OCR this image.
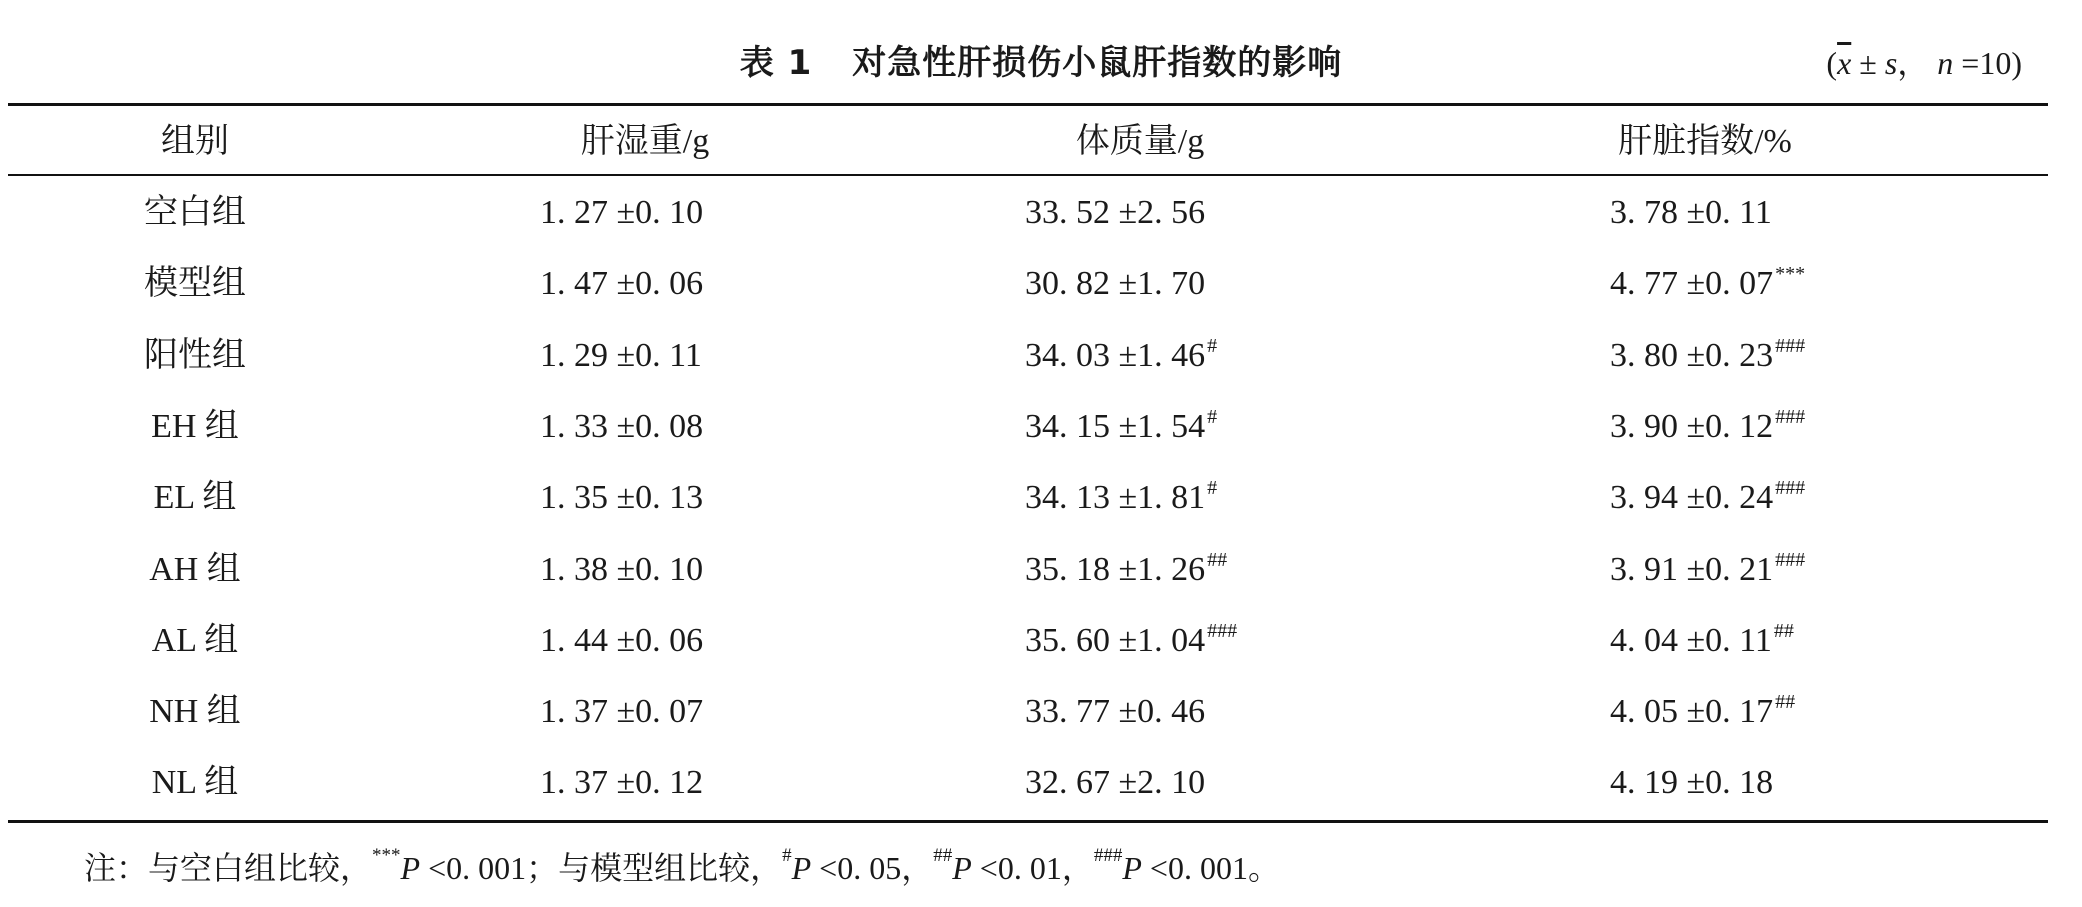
表 1 对急性肝损伤小鼠肝指数的影响	($\overline{x} \pm s$， n =10)
组别	肝湿重/g	体质量/g	肝脏指数/%
空白组	1. 27 ±0. 10	33. 52 ±2. 56	3. 78 ±0. 11
模型组	1. 47 ±0. 06	30. 82 ±1. 70	4. 77 ±0. 07 ***
阳性组	1. 29 ±0. 11	34. 03 ±1. 46 #	3. 80 ±0. 23 ###
EH 组	1. 33 ±0. 08	34. 15 ±1. 54 #	3. 90 ±0. 12 ###
EL 组	1. 35 ±0. 13	34. 13 ±1. 81 #	3. 94 ±0. 24 ###
AH 组	1. 38 ±0. 10	35. 18 ±1. 26 ##	3. 91 ±0. 21 ###
AL 组	1. 44 ±0. 06	35. 60 ±1. 04 ###	4. 04 ±0. 11 ##
NH 组	1. 37 ±0. 07	33. 77 ±0. 46	4. 05 ±0. 17 ##
NL 组	1. 37 ±0. 12	32. 67 ±2. 10	4. 19 ±0. 18
注：与空白组比较，***P <0. 001；与模型组比较，#P <0. 05，##P <0. 01，###P <0. 001。
